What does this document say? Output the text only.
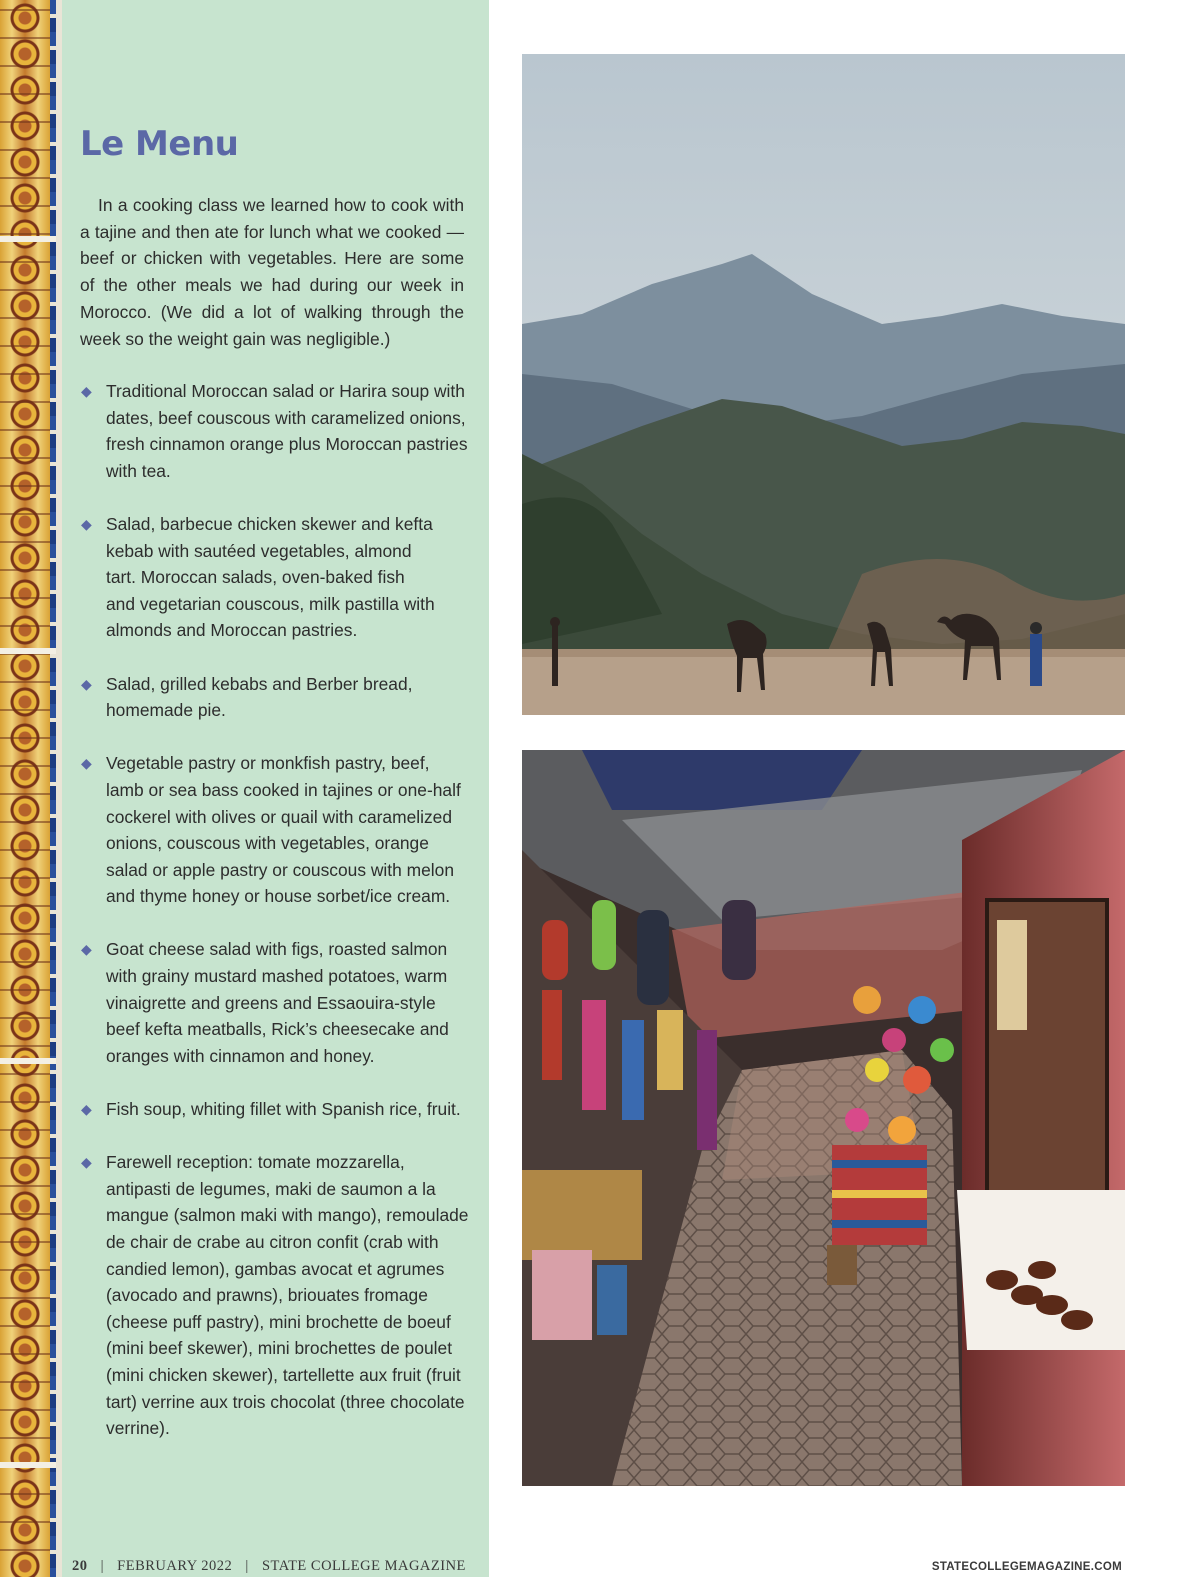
Le Menu

In a cooking class we learned how to cook with a tajine and then ate for lunch what we cooked — beef or chicken with vegetables. Here are some of the other meals we had during our week in Morocco. (We did a lot of walking through the week so the weight gain was negligible.)

◆ Traditional Moroccan salad or Harira soup with dates, beef couscous with caramelized onions, fresh cinnamon orange plus Moroccan pastries with tea.
◆ Salad, barbecue chicken skewer and kefta kebab with sautéed vegetables, almond tart. Moroccan salads, oven-baked fish and vegetarian couscous, milk pastilla with almonds and Moroccan pastries.
◆ Salad, grilled kebabs and Berber bread, homemade pie.
◆ Vegetable pastry or monkfish pastry, beef, lamb or sea bass cooked in tajines or one-half cockerel with olives or quail with caramelized onions, couscous with vegetables, orange salad or apple pastry or couscous with melon and thyme honey or house sorbet/ice cream.
◆ Goat cheese salad with figs, roasted salmon with grainy mustard mashed potatoes, warm vinaigrette and greens and Essaouira-style beef kefta meatballs, Rick’s cheesecake and oranges with cinnamon and honey.
◆ Fish soup, whiting fillet with Spanish rice, fruit.
◆ Farewell reception: tomate mozzarella, antipasti de legumes, maki de saumon a la mangue (salmon maki with mango), remoulade de chair de crabe au citron confit (crab with candied lemon), gambas avocat et agrumes (avocado and prawns), briouates fromage (cheese puff pastry), mini brochette de boeuf (mini beef skewer), mini brochettes de poulet (mini chicken skewer), tartellette aux fruit (fruit tart) verrine aux trois chocolat (three chocolate verrine).
20 | FEBRUARY 2022 | STATE COLLEGE MAGAZINE	STATECOLLEGEMAGAZINE.COM
